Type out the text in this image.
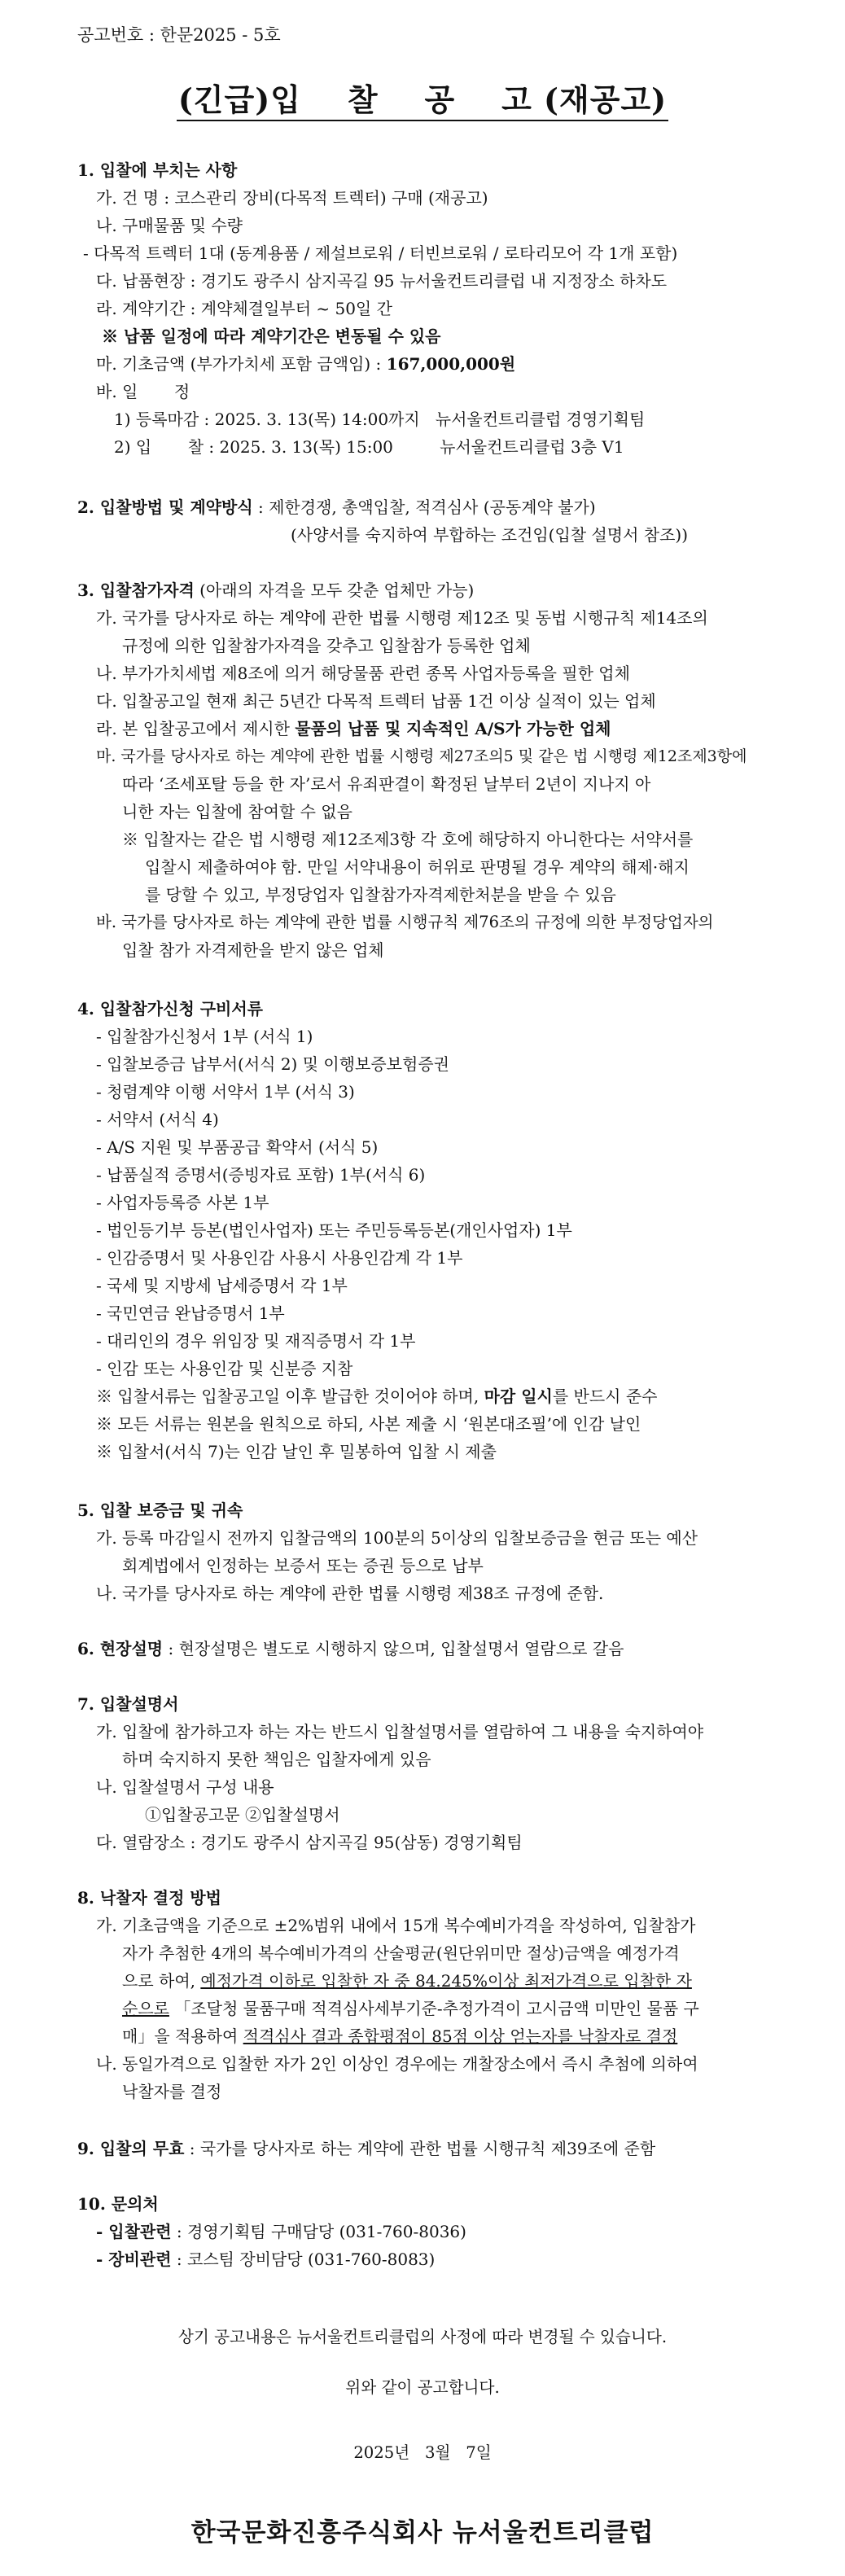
공고번호 : 한문2025 - 5호
(긴급)입    찰    공    고 (재공고)
1. 입찰에 부치는 사항
가. 건 명 : 코스관리 장비(다목적 트렉터) 구매 (재공고)
나. 구매물품 및 수량
- 다목적 트렉터 1대 (동계용품 / 제설브로워 / 터빈브로워 / 로타리모어 각 1개 포함)
다. 납품현장 : 경기도 광주시 삼지곡길 95 뉴서울컨트리클럽 내 지정장소 하차도
라. 계약기간 : 계약체결일부터 ~ 50일 간
※ 납품 일정에 따라 계약기간은 변동될 수 있음
마. 기초금액 (부가가치세 포함 금액임) : 167,000,000원
바. 일       정
1) 등록마감 : 2025. 3. 13(목) 14:00까지   뉴서울컨트리클럽 경영기획팀
2) 입       찰 : 2025. 3. 13(목) 15:00         뉴서울컨트리클럽 3층 V1
2. 입찰방법 및 계약방식 : 제한경쟁, 총액입찰, 적격심사 (공동계약 불가)
(사양서를 숙지하여 부합하는 조건임(입찰 설명서 참조))
3. 입찰참가자격 (아래의 자격을 모두 갖춘 업체만 가능)
가. 국가를 당사자로 하는 계약에 관한 법률 시행령 제12조 및 동법 시행규칙 제14조의
규정에 의한 입찰참가자격을 갖추고 입찰참가 등록한 업체
나. 부가가치세법 제8조에 의거 해당물품 관련 종목 사업자등록을 필한 업체
다. 입찰공고일 현재 최근 5년간 다목적 트렉터 납품 1건 이상 실적이 있는 업체
라. 본 입찰공고에서 제시한 물품의 납품 및 지속적인 A/S가 가능한 업체
마. 국가를 당사자로 하는 계약에 관한 법률 시행령 제27조의5 및 같은 법 시행령 제12조제3항에
따라 ‘조세포탈 등을 한 자’로서 유죄판결이 확정된 날부터 2년이 지나지 아
니한 자는 입찰에 참여할 수 없음
※ 입찰자는 같은 법 시행령 제12조제3항 각 호에 해당하지 아니한다는 서약서를
입찰시 제출하여야 함. 만일 서약내용이 허위로 판명될 경우 계약의 해제·해지
를 당할 수 있고, 부정당업자 입찰참가자격제한처분을 받을 수 있음
바. 국가를 당사자로 하는 계약에 관한 법률 시행규칙 제76조의 규정에 의한 부정당업자의
입찰 참가 자격제한을 받지 않은 업체
4. 입찰참가신청 구비서류
- 입찰참가신청서 1부 (서식 1)
- 입찰보증금 납부서(서식 2) 및 이행보증보험증권
- 청렴계약 이행 서약서 1부 (서식 3)
- 서약서 (서식 4)
- A/S 지원 및 부품공급 확약서 (서식 5)
- 납품실적 증명서(증빙자료 포함) 1부(서식 6)
- 사업자등록증 사본 1부
- 법인등기부 등본(법인사업자) 또는 주민등록등본(개인사업자) 1부
- 인감증명서 및 사용인감 사용시 사용인감계 각 1부
- 국세 및 지방세 납세증명서 각 1부
- 국민연금 완납증명서 1부
- 대리인의 경우 위임장 및 재직증명서 각 1부
- 인감 또는 사용인감 및 신분증 지참
※ 입찰서류는 입찰공고일 이후 발급한 것이어야 하며, 마감 일시를 반드시 준수
※ 모든 서류는 원본을 원칙으로 하되, 사본 제출 시 ‘원본대조필’에 인감 날인
※ 입찰서(서식 7)는 인감 날인 후 밀봉하여 입찰 시 제출
5. 입찰 보증금 및 귀속
가. 등록 마감일시 전까지 입찰금액의 100분의 5이상의 입찰보증금을 현금 또는 예산
회계법에서 인정하는 보증서 또는 증권 등으로 납부
나. 국가를 당사자로 하는 계약에 관한 법률 시행령 제38조 규정에 준함.
6. 현장설명 : 현장설명은 별도로 시행하지 않으며, 입찰설명서 열람으로 갈음
7. 입찰설명서
가. 입찰에 참가하고자 하는 자는 반드시 입찰설명서를 열람하여 그 내용을 숙지하여야
하며 숙지하지 못한 책임은 입찰자에게 있음
나. 입찰설명서 구성 내용
①입찰공고문 ②입찰설명서
다. 열람장소 : 경기도 광주시 삼지곡길 95(삼동) 경영기획팀
8. 낙찰자 결정 방법
가. 기초금액을 기준으로 ±2%범위 내에서 15개 복수예비가격을 작성하여, 입찰참가
자가 추첨한 4개의 복수예비가격의 산술평균(원단위미만 절상)금액을 예정가격
으로 하여, 예정가격 이하로 입찰한 자 중 84.245%이상 최저가격으로 입찰한 자
순으로 「조달청 물품구매 적격심사세부기준-추정가격이 고시금액 미만인 물품 구
매」을 적용하여 적격심사 결과 종합평점이 85점 이상 얻는자를 낙찰자로 결정
나. 동일가격으로 입찰한 자가 2인 이상인 경우에는 개찰장소에서 즉시 추첨에 의하여
낙찰자를 결정
9. 입찰의 무효 : 국가를 당사자로 하는 계약에 관한 법률 시행규칙 제39조에 준함
10. 문의처
- 입찰관련 : 경영기획팀 구매담당 (031-760-8036)
- 장비관련 : 코스팀 장비담당 (031-760-8083)
상기 공고내용은 뉴서울컨트리클럽의 사정에 따라 변경될 수 있습니다.
위와 같이 공고합니다.
2025년   3월   7일
한국문화진흥주식회사 뉴서울컨트리클럽
